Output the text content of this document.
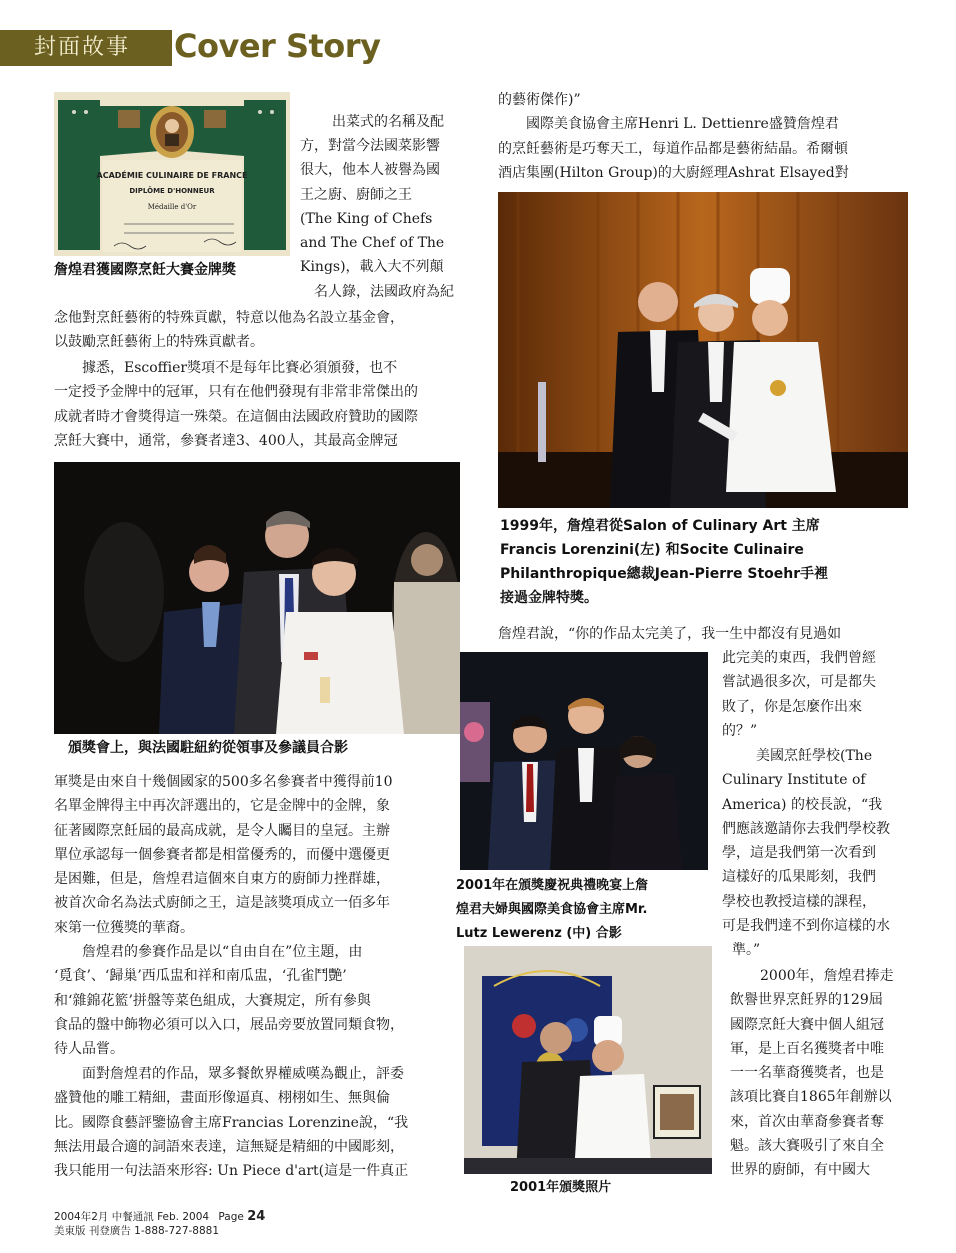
封面故事 Cover Story
ACADÉMIE CULINAIRE DE FRANCE
DIPLÔME D'HONNEUR
Médaille d'Or
詹煌君獲國際烹飪大賽金牌獎
出菜式的名稱及配
方，對當今法國菜影響
很大，他本人被譽為國
王之廚、廚師之王
(The King of Chefs
and The Chef of The
Kings)，載入大不列顛
名人錄，法國政府為紀
念他對烹飪藝術的特殊貢獻，特意以他為名設立基金會，
以鼓勵烹飪藝術上的特殊貢獻者。
據悉，Escoffier獎項不是每年比賽必須頒發，也不
一定授予金牌中的冠軍，只有在他們發現有非常非常傑出的
成就者時才會獎得這一殊榮。在這個由法國政府贊助的國際
烹飪大賽中，通常，參賽者達3、400人，其最高金牌冠
頒獎會上，與法國駐紐約從領事及參議員合影
軍獎是由來自十幾個國家的500多名參賽者中獲得前10
名單金牌得主中再次評選出的，它是金牌中的金牌，象
征著國際烹飪屆的最高成就，是令人矚目的皇冠。主辦
單位承認每一個參賽者都是相當優秀的，而優中選優更
是困難，但是，詹煌君這個來自東方的廚師力挫群雄，
被首次命名為法式廚師之王，這是該獎項成立一佰多年
來第一位獲獎的華裔。
詹煌君的參賽作品是以“自由自在”位主題，由
‘覓食’、‘歸巢’西瓜盅和祥和南瓜盅，‘孔雀鬥艷’
和‘雜錦花籃’拼盤等菜色組成，大賽規定，所有參與
食品的盤中飾物必須可以入口，展品旁要放置同類食物，
待人品嘗。
面對詹煌君的作品，眾多餐飲界權威嘆為觀止，評委
盛贊他的雕工精細，畫面形像逼真、栩栩如生、無與倫
比。國際食藝評鑒協會主席Francias Lorenzine說，“我
無法用最合適的詞語來表達，這無疑是精細的中國彫刻，
我只能用一句法語來形容: Un Piece d'art(這是一件真正
的藝術傑作)”
國際美食協會主席Henri L. Dettienre盛贊詹煌君
的烹飪藝術是巧奪天工，每道作品都是藝術結晶。希爾頓
酒店集團(Hilton Group)的大廚經理Ashrat Elsayed對
1999年，詹煌君從Salon of Culinary Art 主席
Francis Lorenzini(左) 和Socite Culinaire
Philanthropique總裁Jean-Pierre Stoehr手裡
接過金牌特獎。
詹煌君說，“你的作品太完美了，我一生中都沒有見過如
此完美的東西，我們曾經
嘗試過很多次，可是都失
敗了，你是怎麼作出來
的？”
美國烹飪學校(The
Culinary Institute of
America) 的校長說，“我
們應該邀請你去我們學校教
學，這是我們第一次看到
這樣好的瓜果彫刻，我們
學校也教授這樣的課程，
可是我們達不到你這樣的水
準。”
2001年在頒獎慶祝典禮晚宴上詹
煌君夫婦與國際美食協會主席Mr.
Lutz Lewerenz (中) 合影
2001年頒獎照片
2000年，詹煌君捧走
飲譽世界烹飪界的129屆
國際烹飪大賽中個人組冠
軍，是上百名獲獎者中唯
一一名華裔獲獎者，也是
該項比賽自1865年創辦以
來，首次由華裔參賽者奪
魁。該大賽吸引了來自全
世界的廚師，有中國大
2004年2月 中餐通訊 Feb. 2004 Page 24
美東版 刊登廣告 1-888-727-8881
